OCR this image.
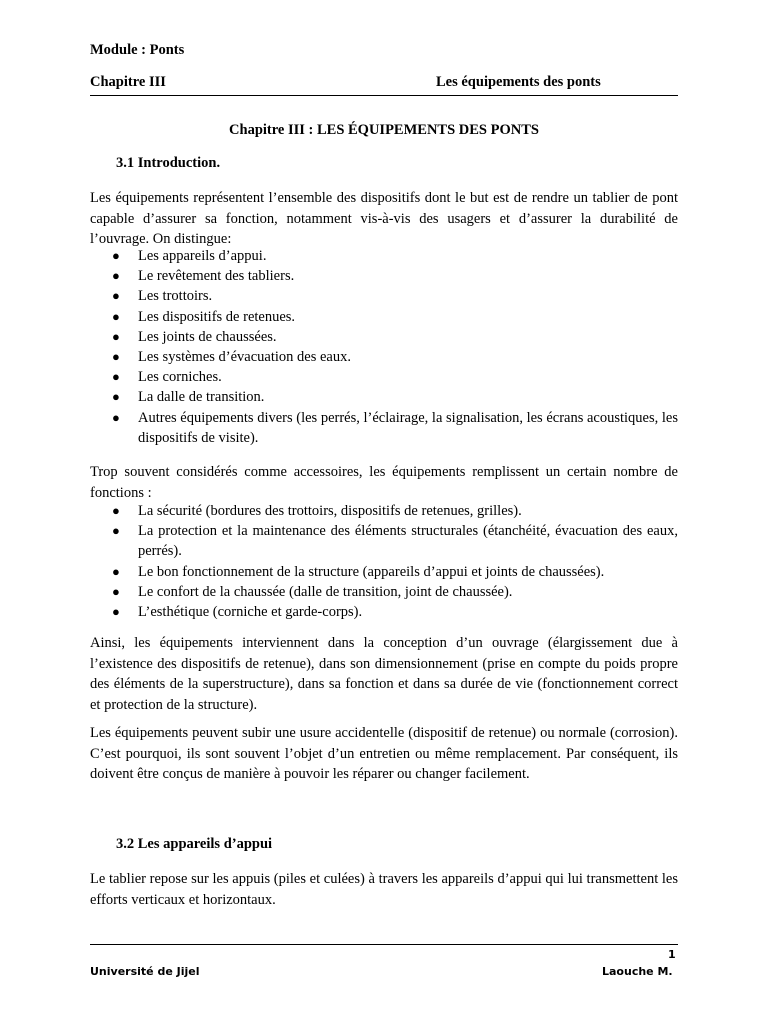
Module : Ponts
Chapitre III	Les équipements des ponts
Chapitre III : LES ÉQUIPEMENTS DES PONTS
3.1 Introduction.
Les équipements représentent l’ensemble des dispositifs dont le but est de rendre un tablier de pont capable d’assurer sa fonction, notamment vis-à-vis des usagers et d’assurer la durabilité de l’ouvrage. On distingue:
● Les appareils d’appui.
● Le revêtement des tabliers.
● Les trottoirs.
● Les dispositifs de retenues.
● Les joints de chaussées.
● Les systèmes d’évacuation des eaux.
● Les corniches.
● La dalle de transition.
● Autres équipements divers (les perrés, l’éclairage, la signalisation, les écrans acoustiques, les dispositifs de visite).
Trop souvent considérés comme accessoires, les équipements remplissent un certain nombre de fonctions :
● La sécurité (bordures des trottoirs, dispositifs de retenues, grilles).
● La protection et la maintenance des éléments structurales (étanchéité, évacuation des eaux, perrés).
● Le bon fonctionnement de la structure (appareils d’appui et joints de chaussées).
● Le confort de la chaussée (dalle de transition, joint de chaussée).
● L’esthétique (corniche et garde-corps).
Ainsi, les équipements interviennent dans la conception d’un ouvrage (élargissement due à l’existence des dispositifs de retenue), dans son dimensionnement (prise en compte du poids propre des éléments de la superstructure), dans sa fonction et dans sa durée de vie (fonctionnement correct et protection de la structure).
Les équipements peuvent subir une usure accidentelle (dispositif de retenue) ou normale (corrosion). C’est pourquoi, ils sont souvent l’objet d’un entretien ou même remplacement. Par conséquent, ils doivent être conçus de manière à pouvoir les réparer ou changer facilement.
3.2 Les appareils d’appui
Le tablier repose sur les appuis (piles et culées) à travers les appareils d’appui qui lui transmettent les efforts verticaux et horizontaux.
1
Université de Jijel	Laouche M.
